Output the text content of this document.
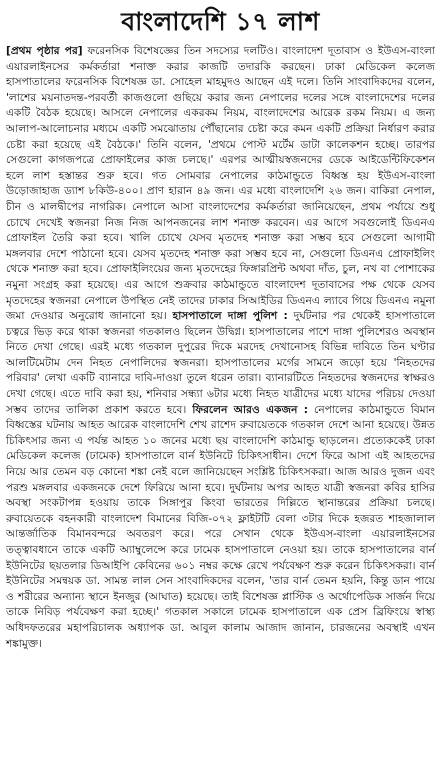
বাংলাদেশি ১৭ লাশ

[প্রথম পৃষ্ঠার পর] ফরেনসিক বিশেষজ্ঞের তিন সদস্যের দলটিও। বাংলাদেশ দূতাবাস ও ইউএস-বাংলা এয়ারলাইনসের কর্মকর্তারা শনাক্ত করার কাজটি তদারকি করছেন। ঢাকা মেডিকেল কলেজ হাসপাতালের ফরেনসিক বিশেষজ্ঞ ডা. সোহেল মাহমুদও আছেন এই দলে। তিনি সাংবাদিকদের বলেন, 'লাশের ময়নাতদন্ত-পরবর্তী কাজগুলো গুছিয়ে করার জন্য নেপালের দলের সঙ্গে বাংলাদেশের দলের একটি বৈঠক হয়েছে। আসলে নেপালের একরকম নিয়ম, বাংলাদেশের আরেক রকম নিয়ম। এ জন্য আলাপ-আলোচনার মধ্যমে একটি সমঝোতায় পৌঁছানোর চেষ্টা করে কমন একটি প্রক্রিয়া নির্ধারণ করার চেষ্টা করা হয়েছে এই বৈঠকে।' তিনি বলেন, 'প্রথমে পোস্ট মর্টেম ডাটা কালেকশন হচ্ছে। তারপর সেগুলো কাগজপত্রে প্রোফাইলের কাজ চলছে।' এরপর আত্মীয়স্বজনদের ডেকে আইডেন্টিফিকেশন হলে লাশ হস্তান্তর শুরু হবে। গত সোমবার নেপালের কাঠমান্ডুতে বিধ্বস্ত হয় ইউএস-বাংলা উড়োজাহাজ ড্যাশ ৮কিউ-৪০০। প্রাণ হারান ৪৯ জন। এর মধ্যে বাংলাদেশি ২৬ জন। বাকিরা নেপাল, চীন ও মালদ্বীপের নাগরিক। নেপালে আসা বাংলাদেশের কর্মকর্তারা জানিয়েছেন, প্রথম পর্যায়ে শুধু চোখে দেখেই স্বজনরা নিজ নিজ আপনজনের লাশ শনাক্ত করবেন। এর আগে সবগুলোই ডিএনএ প্রোফাইল তৈরি করা হবে। খালি চোখে যেসব মৃতদেহ শনাক্ত করা সম্ভব হবে সেগুলো আগামী মঙ্গলবার দেশে পাঠানো হবে। যেসব মৃতদেহ শনাক্ত করা সম্ভব হবে না, সেগুলো ডিএনএ প্রোফাইলিং থেকে শনাক্ত করা হবে। প্রোফাইলিংয়ের জন্য মৃতদেহের ফিঙ্গারপ্রিন্ট অথবা দাঁত, চুল, নখ বা পোশাকের নমুনা সংগ্রহ করা হয়েছে। এর আগে শুক্রবার কাঠমান্ডুতে বাংলাদেশ দূতাবাসের পক্ষ থেকে যেসব মৃতদেহের স্বজনরা নেপালে উপস্থিত নেই তাদের ঢাকার সিআইডির ডিএনএ ল্যাবে গিয়ে ডিএনএ নমুনা জমা দেওয়ার অনুরোধ জানানো হয়। হাসপাতালে দাঙ্গা পুলিশ : দুর্ঘটনার পর থেকেই হাসপাতালে চত্বরে ভিড় করে থাকা স্বজনরা গতকালও ছিলেন উদ্বিগ্ন। হাসপাতালের পাশে দাঙ্গা পুলিশেরও অবস্থান নিতে দেখা গেছে। এরই মধ্যে গতকাল দুপুরের দিকে মরদেহ দেখানোসহ বিভিন্ন দাবিতে তিন ঘণ্টার আলটিমেটাম দেন নিহত নেপালিদের স্বজনরা। হাসপাতালের মর্গের সামনে জড়ো হয়ে 'নিহতদের পরিবার' লেখা একটি ব্যানারে দাবি-দাওয়া তুলে ধরেন তারা। ব্যানারটিতে নিহতদের স্বজনদের স্বাক্ষরও দেখা গেছে। এতে দাবি করা হয়, শনিবার সন্ধ্যা ৬টার মধ্যে নিহত যাত্রীদের মধ্যে যাদের পরিচয় দেওয়া সম্ভব তাদের তালিকা প্রকাশ করতে হবে। ফিরলেন আরও একজন : নেপালের কাঠমান্ডুতে বিমান বিধ্বস্তের ঘটনায় আহত আরেক বাংলাদেশি শেখ রাশেদ রুবায়েতকে গতকাল দেশে আনা হয়েছে। উন্নত চিকিৎসার জন্য এ পর্যন্ত আহত ১০ জনের মধ্যে ছয় বাংলাদেশি কাঠমান্ডু ছাড়লেন। প্রত্যেককেই ঢাকা মেডিকেল কলেজ (ঢামেক) হাসপাতালে বার্ন ইউনিটে চিকিৎসাধীন। দেশে ফিরে আসা এই আহতদের নিয়ে আর তেমন বড় কোনো শঙ্কা নেই বলে জানিয়েছেন সংশ্লিষ্ট চিকিৎসকরা। আজ আরও দুজন এবং পরশু মঙ্গলবার একজনকে দেশে ফিরিয়ে আনা হবে। দুর্ঘটনায় অপর আহত যাত্রী স্বজনরা কবির হাসির অবস্থা সংকটাপন্ন হওয়ায় তাকে সিঙ্গাপুর কিংবা ভারতের দিল্লিতে স্থানান্তরের প্রক্রিয়া চলছে। রুবায়েতকে বহনকারী বাংলাদেশ বিমানের বিজি-০৭২ ফ্লাইটটি বেলা ৩টার দিকে হজরত শাহজালাল আন্তর্জাতিক বিমানবন্দরে অবতরণ করে। পরে সেখান থেকে ইউএস-বাংলা এয়ারলাইনসের তত্ত্বাবধানে তাকে একটি অ্যাম্বুলেন্সে করে ঢামেক হাসপাতালে নেওয়া হয়। তাকে হাসপাতালের বার্ন ইউনিটের ছয়তলার ডিআইপি কেবিনের ৬০১ নম্বর কক্ষে রেখে পর্যবেক্ষণ শুরু করেন চিকিৎসকরা। বার্ন ইউনিটের সমন্বয়ক ডা. সামন্ত লাল সেন সাংবাদিকদের বলেন, 'তার বার্ন তেমন হয়নি, কিন্তু ডান পায়ে ও শরীরের অন্যান্য স্থানে ইনজুর (আঘাত) হয়েছে। তাই বিশেষজ্ঞ প্লাস্টিক ও অর্থোপেডিক সার্জন দিয়ে তাকে নিবিড় পর্যবেক্ষণ করা হচ্ছে।' গতকাল সকালে ঢামেক হাসপাতালে এক প্রেস ব্রিফিংয়ে স্বাস্থ্য অধিদফতরের মহাপরিচালক অধ্যাপক ডা. আবুল কালাম আজাদ জানান, চারজনের অবস্থাই এখন শঙ্কামুক্ত।
